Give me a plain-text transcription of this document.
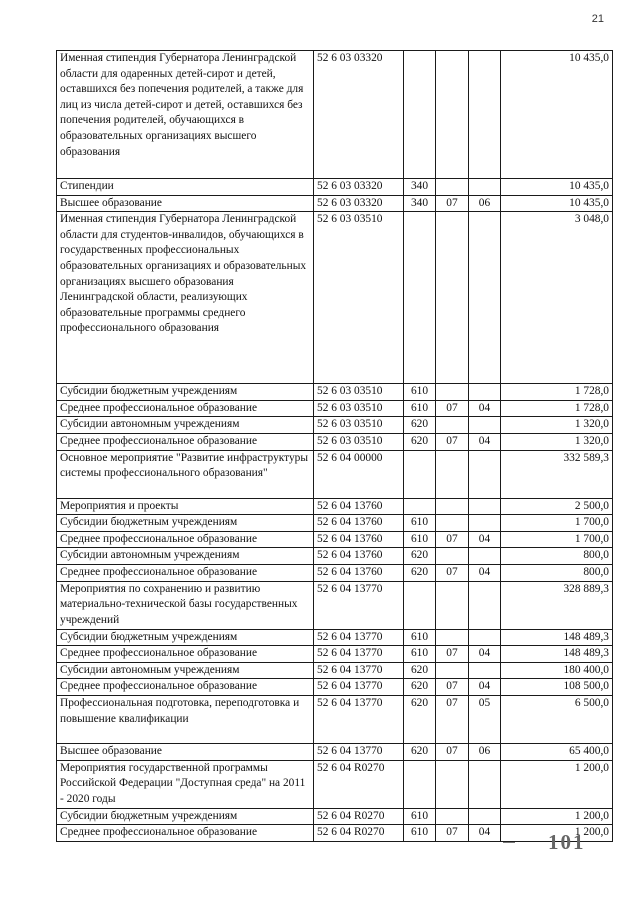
21
Именная стипендия Губернатора Ленинградской области для одаренных детей-сирот и детей, оставшихся без попечения родителей, а также для лиц из числа детей-сирот и детей, оставшихся без попечения родителей, обучающихся в образовательных организациях высшего образования	52 6 03 03320				10 435,0
Стипендии	52 6 03 03320	340			10 435,0
Высшее образование	52 6 03 03320	340	07	06	10 435,0
Именная стипендия Губернатора Ленинградской области для студентов-инвалидов, обучающихся в государственных профессиональных образовательных организациях и образовательных организациях высшего образования Ленинградской области, реализующих образовательные программы среднего профессионального образования	52 6 03 03510				3 048,0
Субсидии бюджетным учреждениям	52 6 03 03510	610			1 728,0
Среднее профессиональное образование	52 6 03 03510	610	07	04	1 728,0
Субсидии автономным учреждениям	52 6 03 03510	620			1 320,0
Среднее профессиональное образование	52 6 03 03510	620	07	04	1 320,0
Основное мероприятие "Развитие инфраструктуры системы профессионального образования"	52 6 04 00000				332 589,3
Мероприятия и проекты	52 6 04 13760				2 500,0
Субсидии бюджетным учреждениям	52 6 04 13760	610			1 700,0
Среднее профессиональное образование	52 6 04 13760	610	07	04	1 700,0
Субсидии автономным учреждениям	52 6 04 13760	620			800,0
Среднее профессиональное образование	52 6 04 13760	620	07	04	800,0
Мероприятия по сохранению и развитию материально-технической базы государственных учреждений	52 6 04 13770				328 889,3
Субсидии бюджетным учреждениям	52 6 04 13770	610			148 489,3
Среднее профессиональное образование	52 6 04 13770	610	07	04	148 489,3
Субсидии автономным учреждениям	52 6 04 13770	620			180 400,0
Среднее профессиональное образование	52 6 04 13770	620	07	04	108 500,0
Профессиональная подготовка, переподготовка и повышение квалификации	52 6 04 13770	620	07	05	6 500,0
Высшее образование	52 6 04 13770	620	07	06	65 400,0
Мероприятия государственной программы Российской Федерации "Доступная среда" на 2011 - 2020 годы	52 6 04 R0270				1 200,0
Субсидии бюджетным учреждениям	52 6 04 R0270	610			1 200,0
Среднее профессиональное образование	52 6 04 R0270	610	07	04	1 200,0
101
